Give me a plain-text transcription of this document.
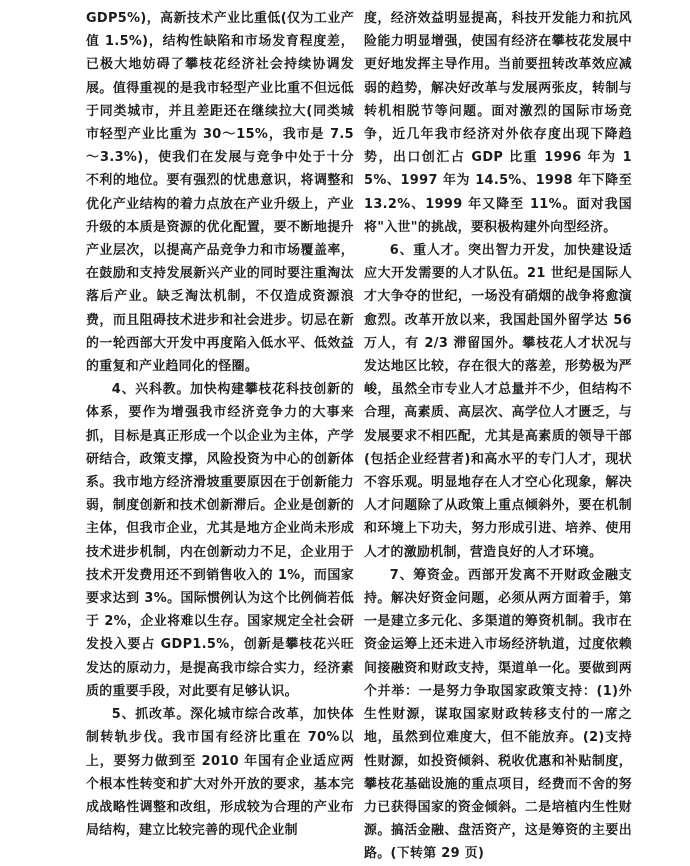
GDP5%)，高新技术产业比重低(仅为工业产值 1.5%)，结构性缺陷和市场发育程度差，已极大地妨碍了攀枝花经济社会持续协调发展。值得重视的是我市轻型产业比重不但远低于同类城市，并且差距还在继续拉大(同类城市轻型产业比重为 30～15%，我市是 7.5～3.3%)，使我们在发展与竞争中处于十分不利的地位。要有强烈的忧患意识，将调整和优化产业结构的着力点放在产业升级上，产业升级的本质是资源的优化配置，要不断地提升产业层次，以提高产品竞争力和市场覆盖率，在鼓励和支持发展新兴产业的同时要注重淘汰落后产业。缺乏淘汰机制，不仅造成资源浪费，而且阻碍技术进步和社会进步。切忌在新的一轮西部大开发中再度陷入低水平、低效益的重复和产业趋同化的怪圈。

4、兴科教。加快构建攀枝花科技创新的体系，要作为增强我市经济竞争力的大事来抓，目标是真正形成一个以企业为主体，产学研结合，政策支撑，风险投资为中心的创新体系。我市地方经济滑坡重要原因在于创新能力弱，制度创新和技术创新滞后。企业是创新的主体，但我市企业，尤其是地方企业尚未形成技术进步机制，内在创新动力不足，企业用于技术开发费用还不到销售收入的 1%，而国家要求达到 3%。国际惯例认为这个比例倘若低于 2%，企业将难以生存。国家规定全社会研发投入要占 GDP1.5%，创新是攀枝花兴旺发达的原动力，是提高我市综合实力，经济素质的重要手段，对此要有足够认识。

5、抓改革。深化城市综合改革，加快体制转轨步伐。我市国有经济比重在 70%以上，要努力做到至 2010 年国有企业适应两个根本性转变和扩大对外开放的要求，基本完成战略性调整和改组，形成较为合理的产业布局结构，建立比较完善的现代企业制

度，经济效益明显提高，科技开发能力和抗风险能力明显增强，使国有经济在攀枝花发展中更好地发挥主导作用。当前要扭转改革效应减弱的趋势，解决好改革与发展两张皮，转制与转机相脱节等问题。面对激烈的国际市场竞争，近几年我市经济对外依存度出现下降趋势，出口创汇占 GDP 比重 1996 年为 15%、1997 年为 14.5%、1998 年下降至 13.2%、1999 年又降至 11%。面对我国将"入世"的挑战，要积极构建外向型经济。

6、重人才。突出智力开发，加快建设适应大开发需要的人才队伍。21 世纪是国际人才大争夺的世纪，一场没有硝烟的战争将愈演愈烈。改革开放以来，我国赴国外留学达 56 万人，有 2/3 滞留国外。攀枝花人才状况与发达地区比较，存在很大的落差，形势极为严峻，虽然全市专业人才总量并不少，但结构不合理，高素质、高层次、高学位人才匮乏，与发展要求不相匹配，尤其是高素质的领导干部(包括企业经营者)和高水平的专门人才，现状不容乐观。明显地存在人才空心化现象，解决人才问题除了从政策上重点倾斜外，要在机制和环境上下功夫，努力形成引进、培养、使用人才的激励机制，营造良好的人才环境。

7、筹资金。西部开发离不开财政金融支持。解决好资金问题，必须从两方面着手，第一是建立多元化、多渠道的筹资机制。我市在资金运筹上还未进入市场经济轨道，过度依赖间接融资和财政支持，渠道单一化。要做到两个并举：一是努力争取国家政策支持：(1)外生性财源，谋取国家财政转移支付的一席之地，虽然到位难度大，但不能放弃。(2)支持性财源，如投资倾斜、税收优惠和补贴制度，攀枝花基础设施的重点项目，经费而不舍的努力已获得国家的资金倾斜。二是培植内生性财源。搞活金融、盘活资产，这是筹资的主要出路。(下转第 29 页)
